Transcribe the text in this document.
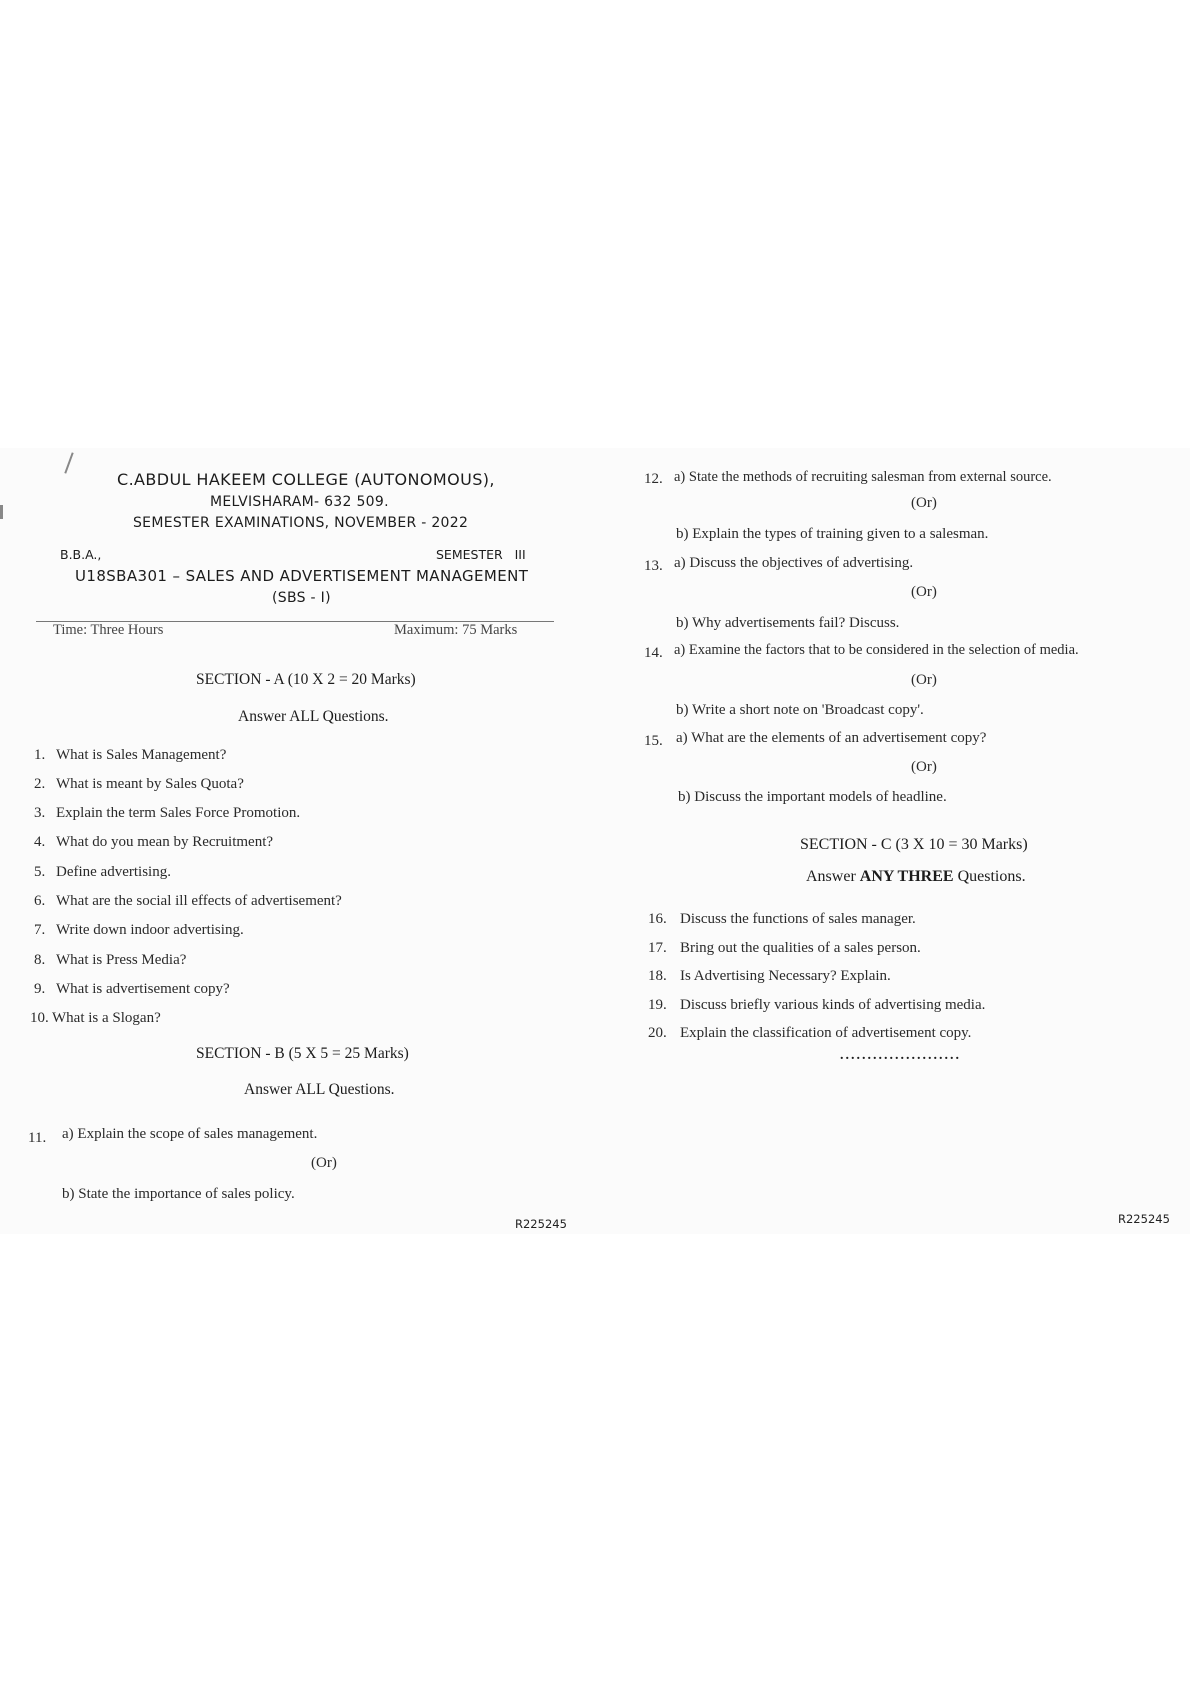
C.ABDUL HAKEEM COLLEGE (AUTONOMOUS),
MELVISHARAM- 632 509.
SEMESTER EXAMINATIONS, NOVEMBER - 2022
B.B.A.,	SEMESTER   III
U18SBA301 – SALES AND ADVERTISEMENT MANAGEMENT
(SBS - I)
Time: Three Hours	Maximum: 75 Marks
SECTION - A (10 X 2 = 20 Marks)
Answer ALL Questions.
1. What is Sales Management?
2. What is meant by Sales Quota?
3. Explain the term Sales Force Promotion.
4. What do you mean by Recruitment?
5. Define advertising.
6. What are the social ill effects of advertisement?
7. Write down indoor advertising.
8. What is Press Media?
9. What is advertisement copy?
10. What is a Slogan?
SECTION - B (5 X 5 = 25 Marks)
Answer ALL Questions.
11. a) Explain the scope of sales management.
(Or)
b) State the importance of sales policy.
R225245
12. a) State the methods of recruiting salesman from external source.
(Or)
b) Explain the types of training given to a salesman.
13. a) Discuss the objectives of advertising.
(Or)
b) Why advertisements fail? Discuss.
14. a) Examine the factors that to be considered in the selection of media.
(Or)
b) Write a short note on 'Broadcast copy'.
15. a) What are the elements of an advertisement copy?
(Or)
b) Discuss the important models of headline.
SECTION - C (3 X 10 = 30 Marks)
Answer ANY THREE Questions.
16. Discuss the functions of sales manager.
17. Bring out the qualities of a sales person.
18. Is Advertising Necessary? Explain.
19. Discuss briefly various kinds of advertising media.
20. Explain the classification of advertisement copy.
......................
R225245
